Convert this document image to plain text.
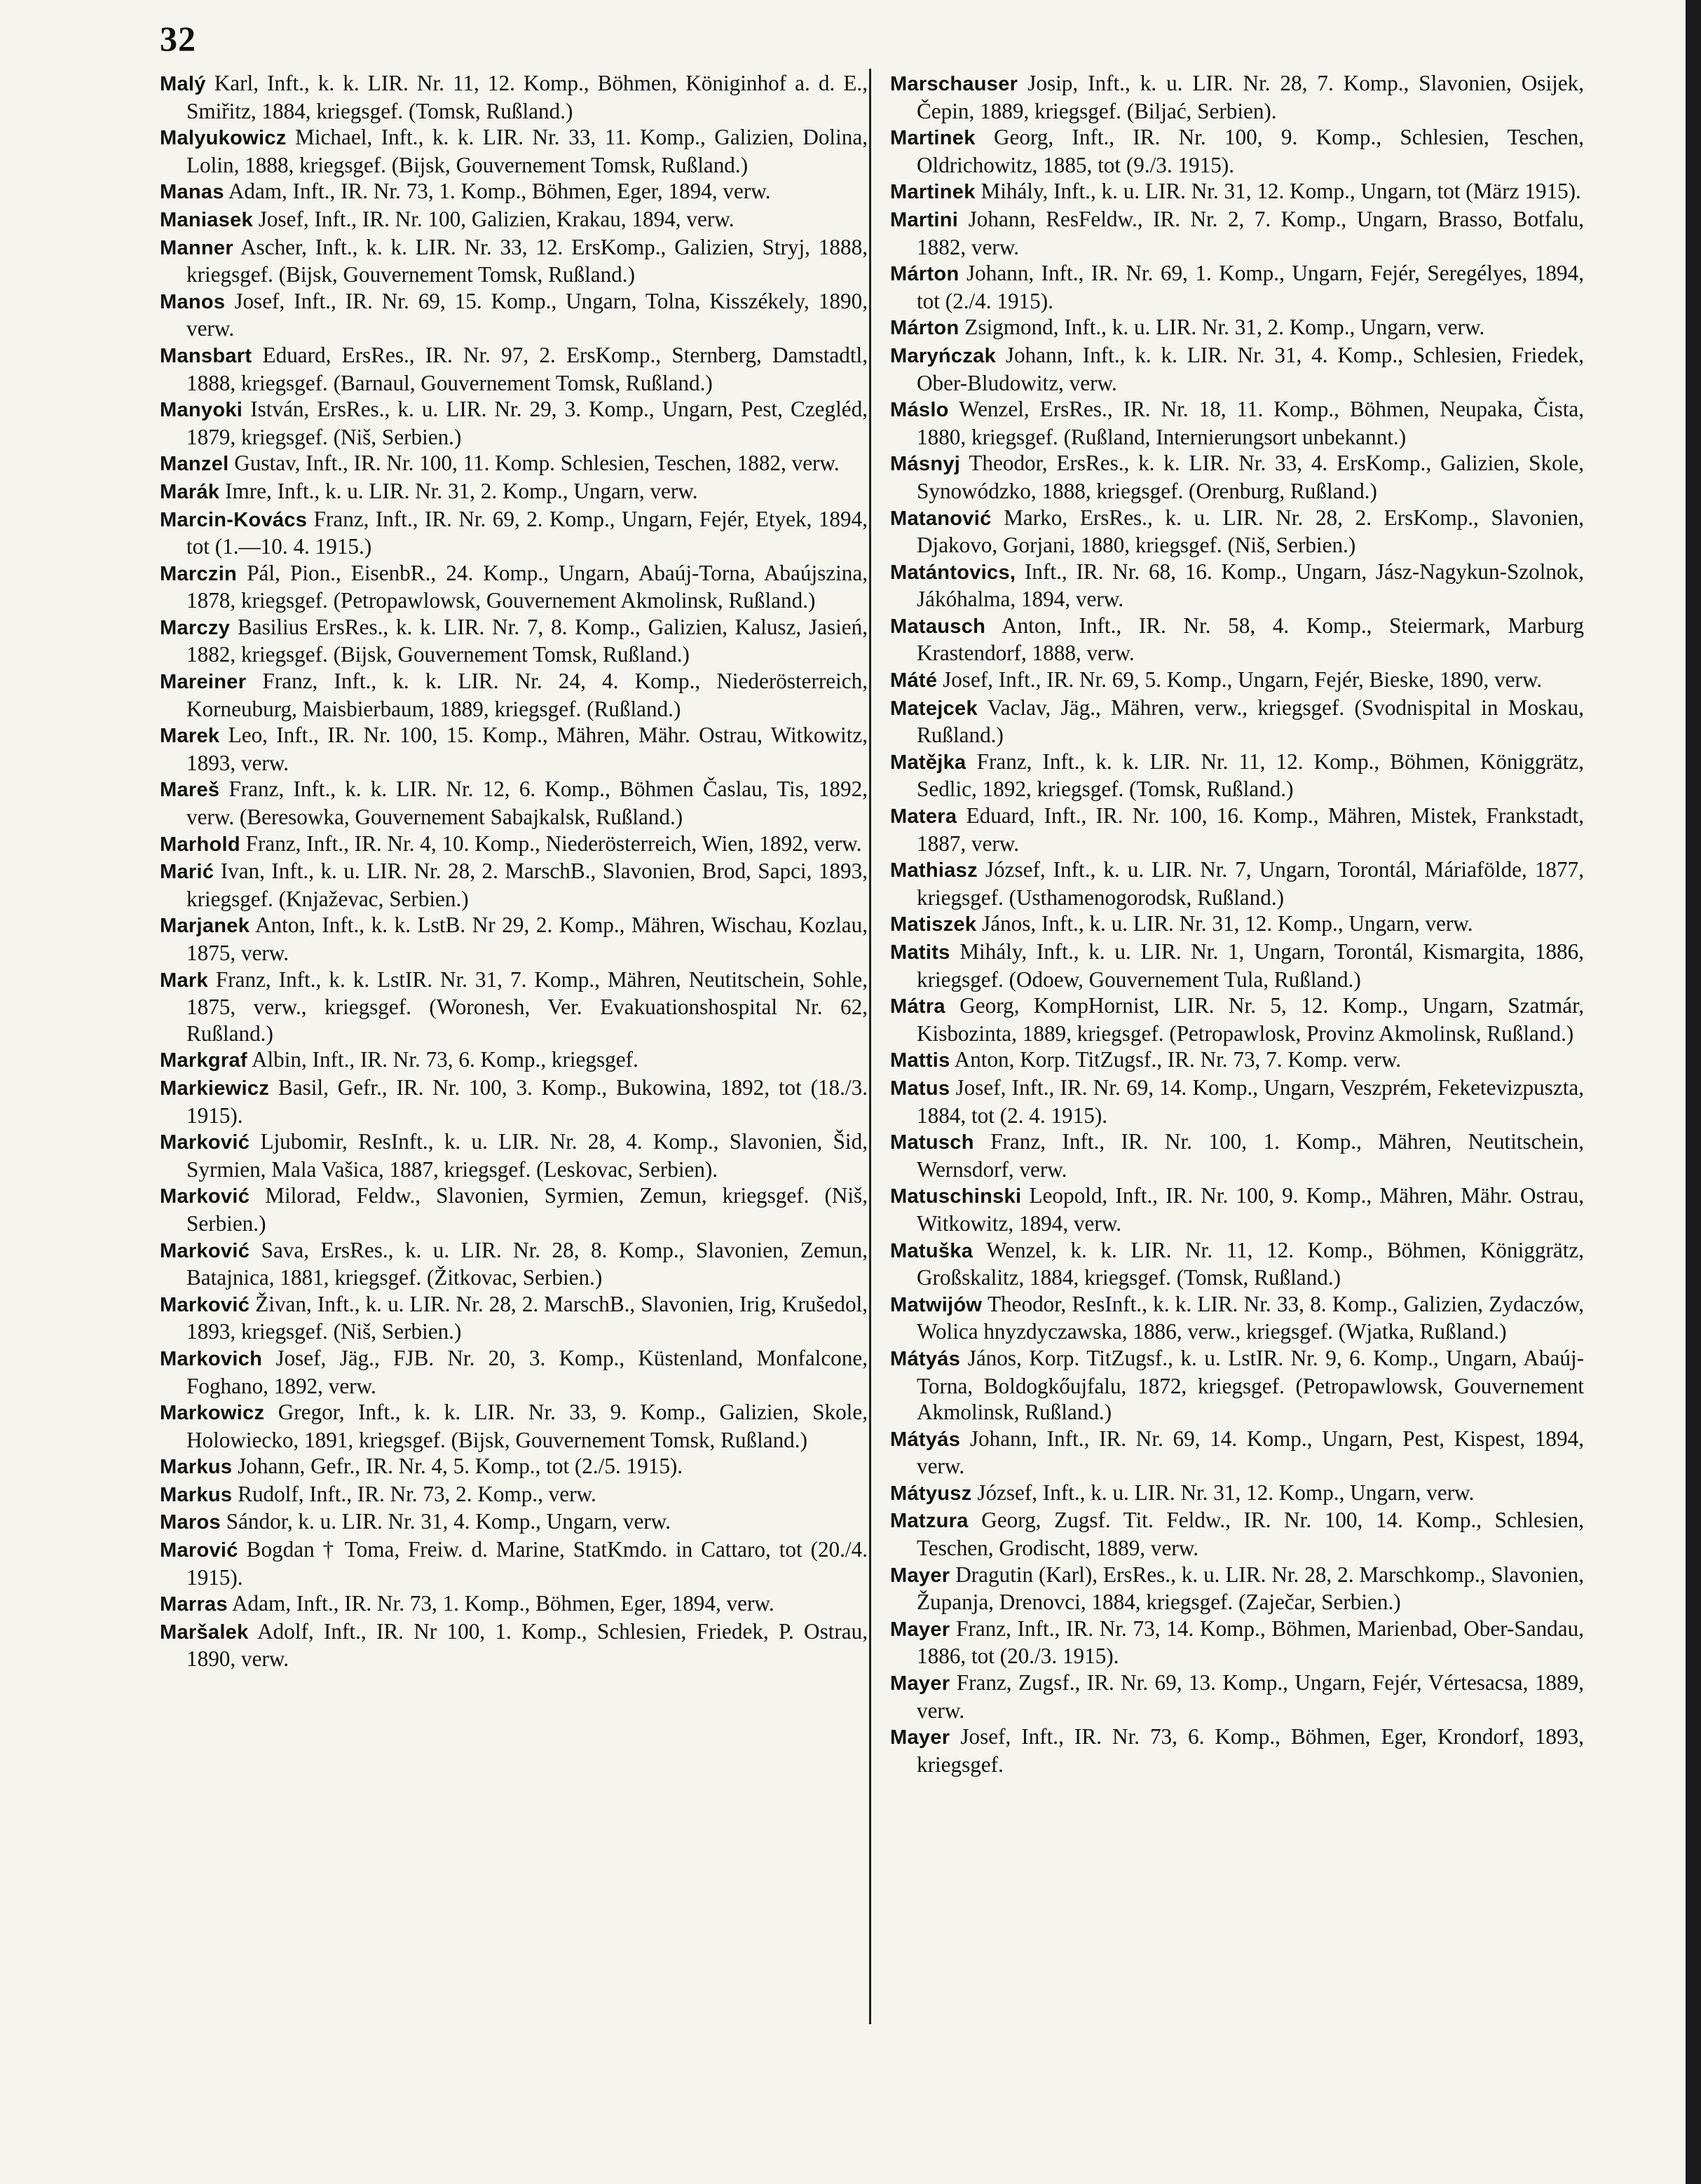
32

Malý Karl, Inft., k. k. LIR. Nr. 11, 12. Komp., Böhmen, Königinhof a. d. E., Smiřitz, 1884, kriegsgef. (Tomsk, Rußland.)

Malyukowicz Michael, Inft., k. k. LIR. Nr. 33, 11. Komp., Galizien, Dolina, Lolin, 1888, kriegsgef. (Bijsk, Gouvernement Tomsk, Rußland.)

Manas Adam, Inft., IR. Nr. 73, 1. Komp., Böhmen, Eger, 1894, verw.

Maniasek Josef, Inft., IR. Nr. 100, Galizien, Krakau, 1894, verw.

Manner Ascher, Inft., k. k. LIR. Nr. 33, 12. ErsKomp., Galizien, Stryj, 1888, kriegsgef. (Bijsk, Gouvernement Tomsk, Rußland.)

Manos Josef, Inft., IR. Nr. 69, 15. Komp., Ungarn, Tolna, Kisszékely, 1890, verw.

Mansbart Eduard, ErsRes., IR. Nr. 97, 2. ErsKomp., Sternberg, Damstadtl, 1888, kriegsgef. (Barnaul, Gouvernement Tomsk, Rußland.)

Manyoki István, ErsRes., k. u. LIR. Nr. 29, 3. Komp., Ungarn, Pest, Czegléd, 1879, kriegsgef. (Niš, Serbien.)

Manzel Gustav, Inft., IR. Nr. 100, 11. Komp. Schlesien, Teschen, 1882, verw.

Marák Imre, Inft., k. u. LIR. Nr. 31, 2. Komp., Ungarn, verw.

Marcin-Kovács Franz, Inft., IR. Nr. 69, 2. Komp., Ungarn, Fejér, Etyek, 1894, tot (1.—10. 4. 1915.)

Marczin Pál, Pion., EisenbR., 24. Komp., Ungarn, Abaúj-Torna, Abaújszina, 1878, kriegsgef. (Petropawlowsk, Gouvernement Akmolinsk, Rußland.)

Marczy Basilius ErsRes., k. k. LIR. Nr. 7, 8. Komp., Galizien, Kalusz, Jasień, 1882, kriegsgef. (Bijsk, Gouvernement Tomsk, Rußland.)

Mareiner Franz, Inft., k. k. LIR. Nr. 24, 4. Komp., Niederösterreich, Korneuburg, Maisbierbaum, 1889, kriegsgef. (Rußland.)

Marek Leo, Inft., IR. Nr. 100, 15. Komp., Mähren, Mähr. Ostrau, Witkowitz, 1893, verw.

Mareš Franz, Inft., k. k. LIR. Nr. 12, 6. Komp., Böhmen Časlau, Tis, 1892, verw. (Beresowka, Gouvernement Sabajkalsk, Rußland.)

Marhold Franz, Inft., IR. Nr. 4, 10. Komp., Niederösterreich, Wien, 1892, verw.

Marić Ivan, Inft., k. u. LIR. Nr. 28, 2. MarschB., Slavonien, Brod, Sapci, 1893, kriegsgef. (Knjaževac, Serbien.)

Marjanek Anton, Inft., k. k. LstB. Nr 29, 2. Komp., Mähren, Wischau, Kozlau, 1875, verw.

Mark Franz, Inft., k. k. LstIR. Nr. 31, 7. Komp., Mähren, Neutitschein, Sohle, 1875, verw., kriegsgef. (Woronesh, Ver. Evakuationshospital Nr. 62, Rußland.)

Markgraf Albin, Inft., IR. Nr. 73, 6. Komp., kriegsgef.

Markiewicz Basil, Gefr., IR. Nr. 100, 3. Komp., Bukowina, 1892, tot (18./3. 1915).

Marković Ljubomir, ResInft., k. u. LIR. Nr. 28, 4. Komp., Slavonien, Šid, Syrmien, Mala Vašica, 1887, kriegsgef. (Leskovac, Serbien).

Marković Milorad, Feldw., Slavonien, Syrmien, Zemun, kriegsgef. (Niš, Serbien.)

Marković Sava, ErsRes., k. u. LIR. Nr. 28, 8. Komp., Slavonien, Zemun, Batajnica, 1881, kriegsgef. (Žitkovac, Serbien.)

Marković Živan, Inft., k. u. LIR. Nr. 28, 2. MarschB., Slavonien, Irig, Krušedol, 1893, kriegsgef. (Niš, Serbien.)

Markovich Josef, Jäg., FJB. Nr. 20, 3. Komp., Küstenland, Monfalcone, Foghano, 1892, verw.

Markowicz Gregor, Inft., k. k. LIR. Nr. 33, 9. Komp., Galizien, Skole, Holowiecko, 1891, kriegsgef. (Bijsk, Gouvernement Tomsk, Rußland.)

Markus Johann, Gefr., IR. Nr. 4, 5. Komp., tot (2./5. 1915).

Markus Rudolf, Inft., IR. Nr. 73, 2. Komp., verw.

Maros Sándor, k. u. LIR. Nr. 31, 4. Komp., Ungarn, verw.

Marović Bogdan † Toma, Freiw. d. Marine, StatKmdo. in Cattaro, tot (20./4. 1915).

Marras Adam, Inft., IR. Nr. 73, 1. Komp., Böhmen, Eger, 1894, verw.

Maršalek Adolf, Inft., IR. Nr 100, 1. Komp., Schlesien, Friedek, P. Ostrau, 1890, verw.

Marschauser Josip, Inft., k. u. LIR. Nr. 28, 7. Komp., Slavonien, Osijek, Čepin, 1889, kriegsgef. (Biljać, Serbien).

Martinek Georg, Inft., IR. Nr. 100, 9. Komp., Schlesien, Teschen, Oldrichowitz, 1885, tot (9./3. 1915).

Martinek Mihály, Inft., k. u. LIR. Nr. 31, 12. Komp., Ungarn, tot (März 1915).

Martini Johann, ResFeldw., IR. Nr. 2, 7. Komp., Ungarn, Brasso, Botfalu, 1882, verw.

Márton Johann, Inft., IR. Nr. 69, 1. Komp., Ungarn, Fejér, Seregélyes, 1894, tot (2./4. 1915).

Márton Zsigmond, Inft., k. u. LIR. Nr. 31, 2. Komp., Ungarn, verw.

Maryńczak Johann, Inft., k. k. LIR. Nr. 31, 4. Komp., Schlesien, Friedek, Ober-Bludowitz, verw.

Máslo Wenzel, ErsRes., IR. Nr. 18, 11. Komp., Böhmen, Neupaka, Čista, 1880, kriegsgef. (Rußland, Internierungsort unbekannt.)

Másnyj Theodor, ErsRes., k. k. LIR. Nr. 33, 4. ErsKomp., Galizien, Skole, Synowódzko, 1888, kriegsgef. (Orenburg, Rußland.)

Matanović Marko, ErsRes., k. u. LIR. Nr. 28, 2. ErsKomp., Slavonien, Djakovo, Gorjani, 1880, kriegsgef. (Niš, Serbien.)

Matántovics, Inft., IR. Nr. 68, 16. Komp., Ungarn, Jász-Nagykun-Szolnok, Jákóhalma, 1894, verw.

Matausch Anton, Inft., IR. Nr. 58, 4. Komp., Steiermark, Marburg Krastendorf, 1888, verw.

Máté Josef, Inft., IR. Nr. 69, 5. Komp., Ungarn, Fejér, Bieske, 1890, verw.

Matejcek Vaclav, Jäg., Mähren, verw., kriegsgef. (Svodnispital in Moskau, Rußland.)

Matějka Franz, Inft., k. k. LIR. Nr. 11, 12. Komp., Böhmen, Königgrätz, Sedlic, 1892, kriegsgef. (Tomsk, Rußland.)

Matera Eduard, Inft., IR. Nr. 100, 16. Komp., Mähren, Mistek, Frankstadt, 1887, verw.

Mathiasz József, Inft., k. u. LIR. Nr. 7, Ungarn, Torontál, Máriafölde, 1877, kriegsgef. (Usthamenogorodsk, Rußland.)

Matiszek János, Inft., k. u. LIR. Nr. 31, 12. Komp., Ungarn, verw.

Matits Mihály, Inft., k. u. LIR. Nr. 1, Ungarn, Torontál, Kismargita, 1886, kriegsgef. (Odoew, Gouvernement Tula, Rußland.)

Mátra Georg, KompHornist, LIR. Nr. 5, 12. Komp., Ungarn, Szatmár, Kisbozinta, 1889, kriegsgef. (Petropawlosk, Provinz Akmolinsk, Rußland.)

Mattis Anton, Korp. TitZugsf., IR. Nr. 73, 7. Komp. verw.

Matus Josef, Inft., IR. Nr. 69, 14. Komp., Ungarn, Veszprém, Feketevizpuszta, 1884, tot (2. 4. 1915).

Matusch Franz, Inft., IR. Nr. 100, 1. Komp., Mähren, Neutitschein, Wernsdorf, verw.

Matuschinski Leopold, Inft., IR. Nr. 100, 9. Komp., Mähren, Mähr. Ostrau, Witkowitz, 1894, verw.

Matuška Wenzel, k. k. LIR. Nr. 11, 12. Komp., Böhmen, Königgrätz, Großskalitz, 1884, kriegsgef. (Tomsk, Rußland.)

Matwijów Theodor, ResInft., k. k. LIR. Nr. 33, 8. Komp., Galizien, Zydaczów, Wolica hnyzdyczawska, 1886, verw., kriegsgef. (Wjatka, Rußland.)

Mátyás János, Korp. TitZugsf., k. u. LstIR. Nr. 9, 6. Komp., Ungarn, Abaúj-Torna, Boldogkőujfalu, 1872, kriegsgef. (Petropawlowsk, Gouvernement Akmolinsk, Rußland.)

Mátyás Johann, Inft., IR. Nr. 69, 14. Komp., Ungarn, Pest, Kispest, 1894, verw.

Mátyusz József, Inft., k. u. LIR. Nr. 31, 12. Komp., Ungarn, verw.

Matzura Georg, Zugsf. Tit. Feldw., IR. Nr. 100, 14. Komp., Schlesien, Teschen, Grodischt, 1889, verw.

Mayer Dragutin (Karl), ErsRes., k. u. LIR. Nr. 28, 2. Marschkomp., Slavonien, Županja, Drenovci, 1884, kriegsgef. (Zaječar, Serbien.)

Mayer Franz, Inft., IR. Nr. 73, 14. Komp., Böhmen, Marienbad, Ober-Sandau, 1886, tot (20./3. 1915).

Mayer Franz, Zugsf., IR. Nr. 69, 13. Komp., Ungarn, Fejér, Vértesacsa, 1889, verw.

Mayer Josef, Inft., IR. Nr. 73, 6. Komp., Böhmen, Eger, Krondorf, 1893, kriegsgef.
